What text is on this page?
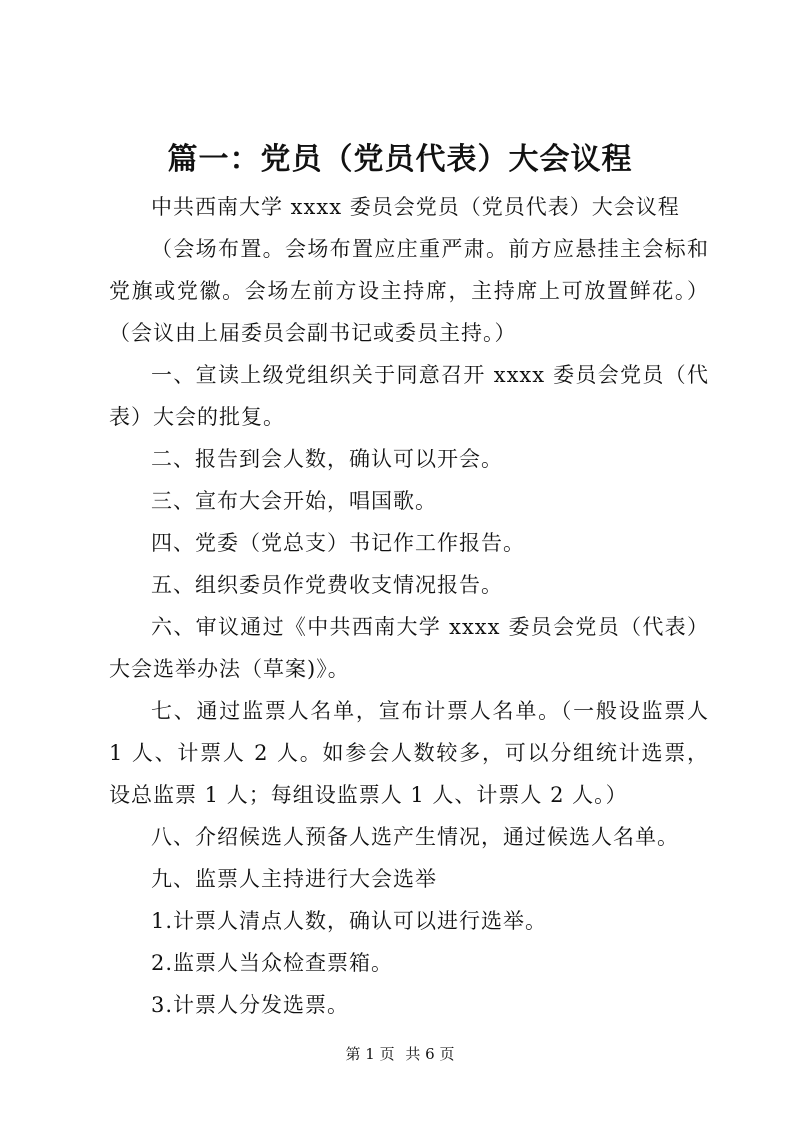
篇一：党员（党员代表）大会议程

中共西南大学 xxxx 委员会党员（党员代表）大会议程

（会场布置。会场布置应庄重严肃。前方应悬挂主会标和党旗或党徽。会场左前方设主持席，主持席上可放置鲜花。）（会议由上届委员会副书记或委员主持。）

一、宣读上级党组织关于同意召开 xxxx 委员会党员（代表）大会的批复。

二、报告到会人数，确认可以开会。

三、宣布大会开始，唱国歌。

四、党委（党总支）书记作工作报告。

五、组织委员作党费收支情况报告。

六、审议通过《中共西南大学 xxxx 委员会党员（代表）大会选举办法（草案)》。

七、通过监票人名单，宣布计票人名单。（一般设监票人 1 人、计票人 2 人。如参会人数较多，可以分组统计选票，设总监票 1 人；每组设监票人 1 人、计票人 2 人。）

八、介绍候选人预备人选产生情况，通过候选人名单。

九、监票人主持进行大会选举

1.计票人清点人数，确认可以进行选举。

2.监票人当众检查票箱。

3.计票人分发选票。

第 1 页 共 6 页
